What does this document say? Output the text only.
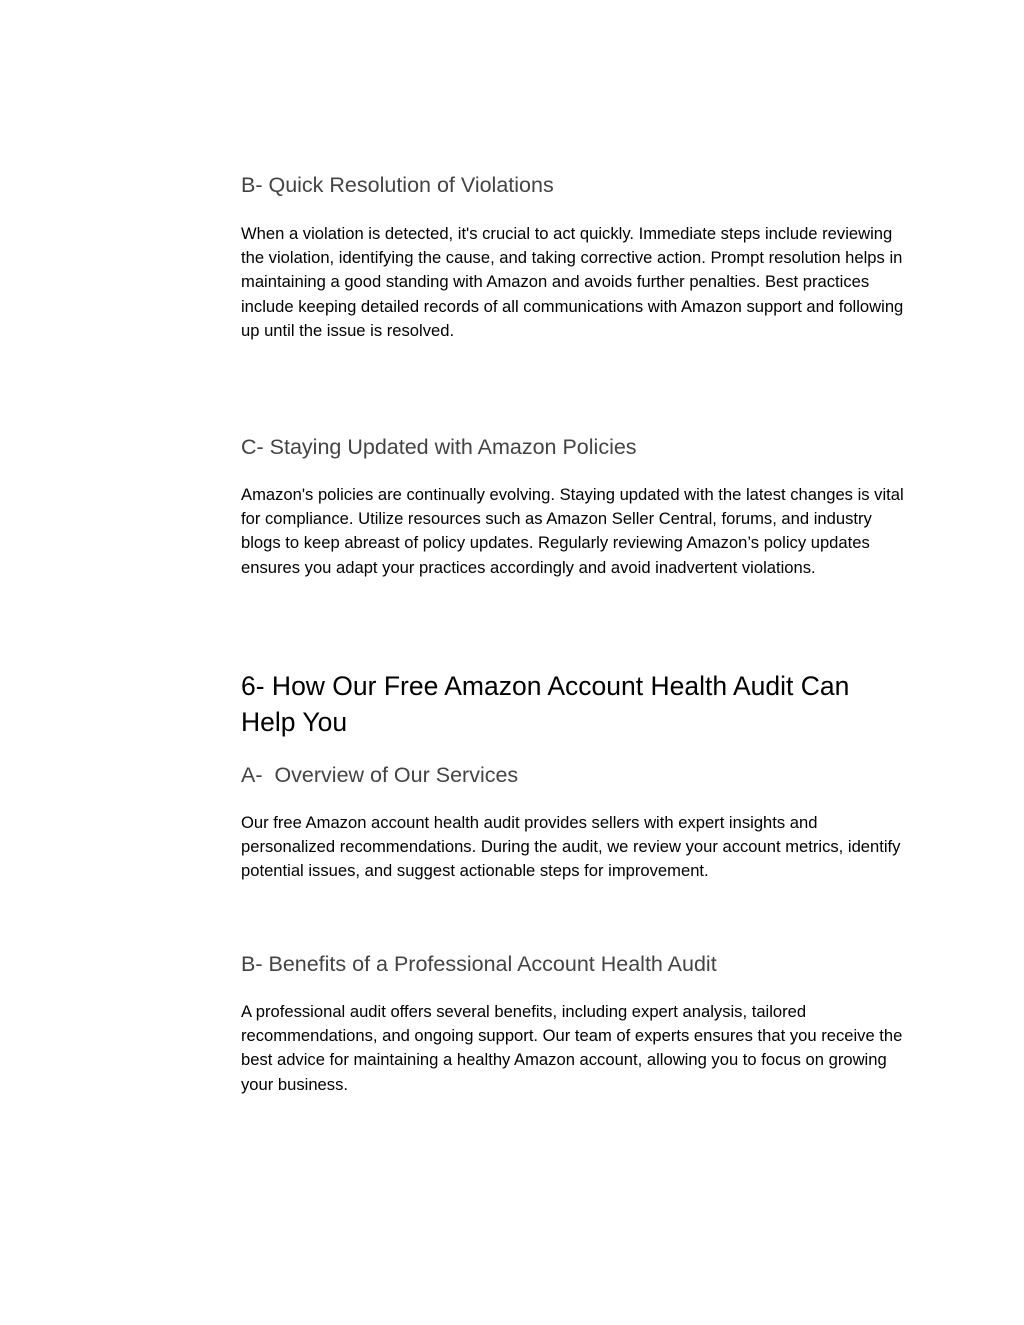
B- Quick Resolution of Violations

When a violation is detected, it's crucial to act quickly. Immediate steps include reviewing the violation, identifying the cause, and taking corrective action. Prompt resolution helps in maintaining a good standing with Amazon and avoids further penalties. Best practices include keeping detailed records of all communications with Amazon support and following up until the issue is resolved.

C- Staying Updated with Amazon Policies

Amazon's policies are continually evolving. Staying updated with the latest changes is vital for compliance. Utilize resources such as Amazon Seller Central, forums, and industry blogs to keep abreast of policy updates. Regularly reviewing Amazon’s policy updates ensures you adapt your practices accordingly and avoid inadvertent violations.

6- How Our Free Amazon Account Health Audit Can Help You
A-  Overview of Our Services

Our free Amazon account health audit provides sellers with expert insights and personalized recommendations. During the audit, we review your account metrics, identify potential issues, and suggest actionable steps for improvement.

B- Benefits of a Professional Account Health Audit

A professional audit offers several benefits, including expert analysis, tailored recommendations, and ongoing support. Our team of experts ensures that you receive the best advice for maintaining a healthy Amazon account, allowing you to focus on growing your business.
